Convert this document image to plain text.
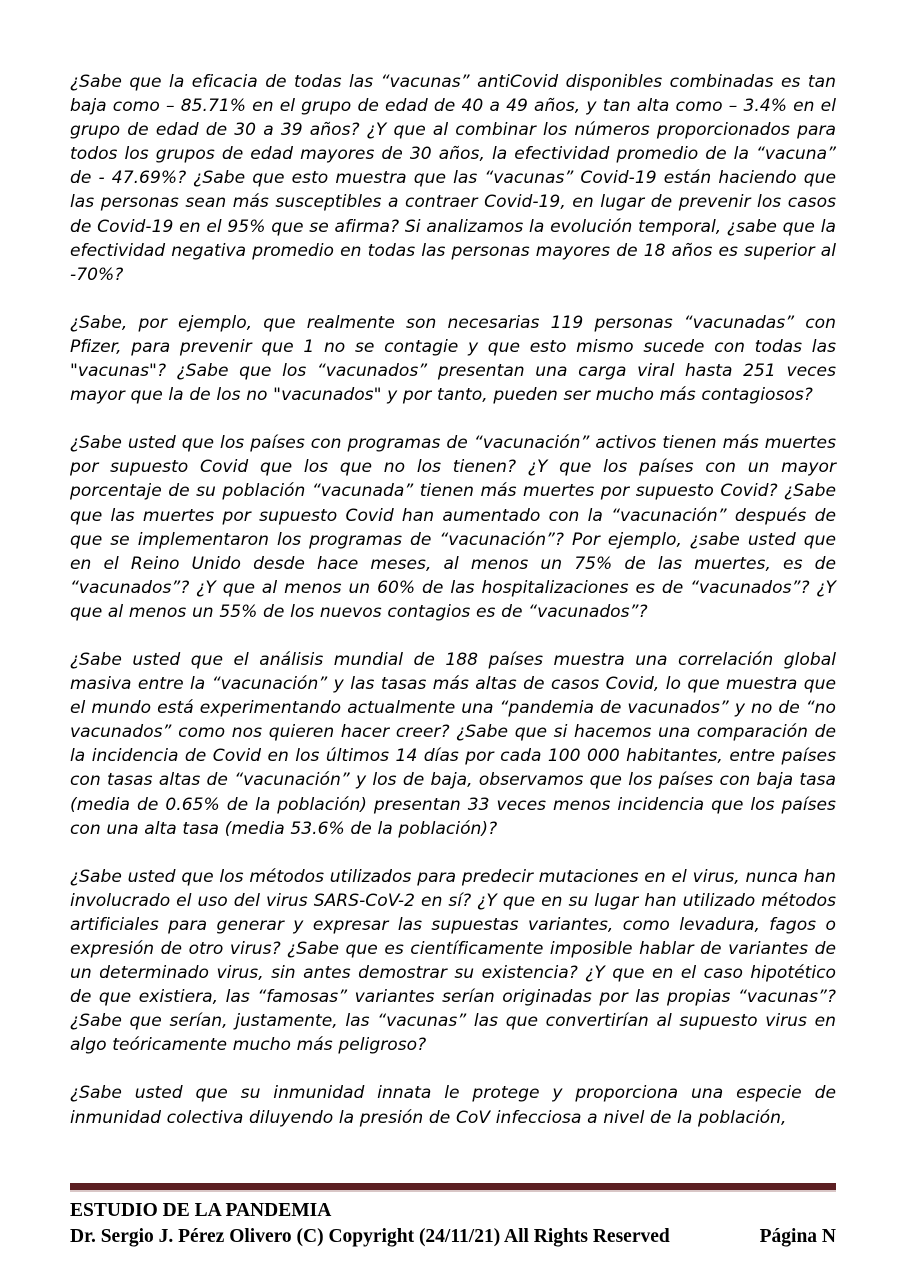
¿Sabe que la eficacia de todas las “vacunas” antiCovid disponibles combinadas es tan baja como – 85.71% en el grupo de edad de 40 a 49 años, y tan alta como – 3.4% en el grupo de edad de 30 a 39 años? ¿Y que al combinar los números proporcionados para todos los grupos de edad mayores de 30 años, la efectividad promedio de la “vacuna” de - 47.69%? ¿Sabe que esto muestra que las “vacunas” Covid-19 están haciendo que las personas sean más susceptibles a contraer Covid-19, en lugar de prevenir los casos de Covid-19 en el 95% que se afirma? Si analizamos la evolución temporal, ¿sabe que la efectividad negativa promedio en todas las personas mayores de 18 años es superior al -70%?

¿Sabe, por ejemplo, que realmente son necesarias 119 personas “vacunadas” con Pfizer, para prevenir que 1 no se contagie y que esto mismo sucede con todas las "vacunas"? ¿Sabe que los “vacunados” presentan una carga viral hasta 251 veces mayor que la de los no "vacunados" y por tanto, pueden ser mucho más contagiosos?

¿Sabe usted que los países con programas de “vacunación” activos tienen más muertes por supuesto Covid que los que no los tienen? ¿Y que los países con un mayor porcentaje de su población “vacunada” tienen más muertes por supuesto Covid? ¿Sabe que las muertes por supuesto Covid han aumentado con la “vacunación” después de que se implementaron los programas de “vacunación”? Por ejemplo, ¿sabe usted que en el Reino Unido desde hace meses, al menos un 75% de las muertes, es de “vacunados”? ¿Y que al menos un 60% de las hospitalizaciones es de “vacunados”? ¿Y que al menos un 55% de los nuevos contagios es de “vacunados”?

¿Sabe usted que el análisis mundial de 188 países muestra una correlación global masiva entre la “vacunación” y las tasas más altas de casos Covid, lo que muestra que el mundo está experimentando actualmente una “pandemia de vacunados” y no de “no vacunados” como nos quieren hacer creer? ¿Sabe que si hacemos una comparación de la incidencia de Covid en los últimos 14 días por cada 100 000 habitantes, entre países con tasas altas de “vacunación” y los de baja, observamos que los países con baja tasa (media de 0.65% de la población) presentan 33 veces menos incidencia que los países con una alta tasa (media 53.6% de la población)?

¿Sabe usted que los métodos utilizados para predecir mutaciones en el virus, nunca han involucrado el uso del virus SARS-CoV-2 en sí? ¿Y que en su lugar han utilizado métodos artificiales para generar y expresar las supuestas variantes, como levadura, fagos o expresión de otro virus? ¿Sabe que es científicamente imposible hablar de variantes de un determinado virus, sin antes demostrar su existencia? ¿Y que en el caso hipotético de que existiera, las “famosas” variantes serían originadas por las propias “vacunas”? ¿Sabe que serían, justamente, las “vacunas” las que convertirían al supuesto virus en algo teóricamente mucho más peligroso?

¿Sabe usted que su inmunidad innata le protege y proporciona una especie de inmunidad colectiva diluyendo la presión de CoV infecciosa a nivel de la población,

ESTUDIO DE LA PANDEMIA
Dr. Sergio J. Pérez Olivero (C) Copyright (24/11/21) All Rights Reserved	Página N
